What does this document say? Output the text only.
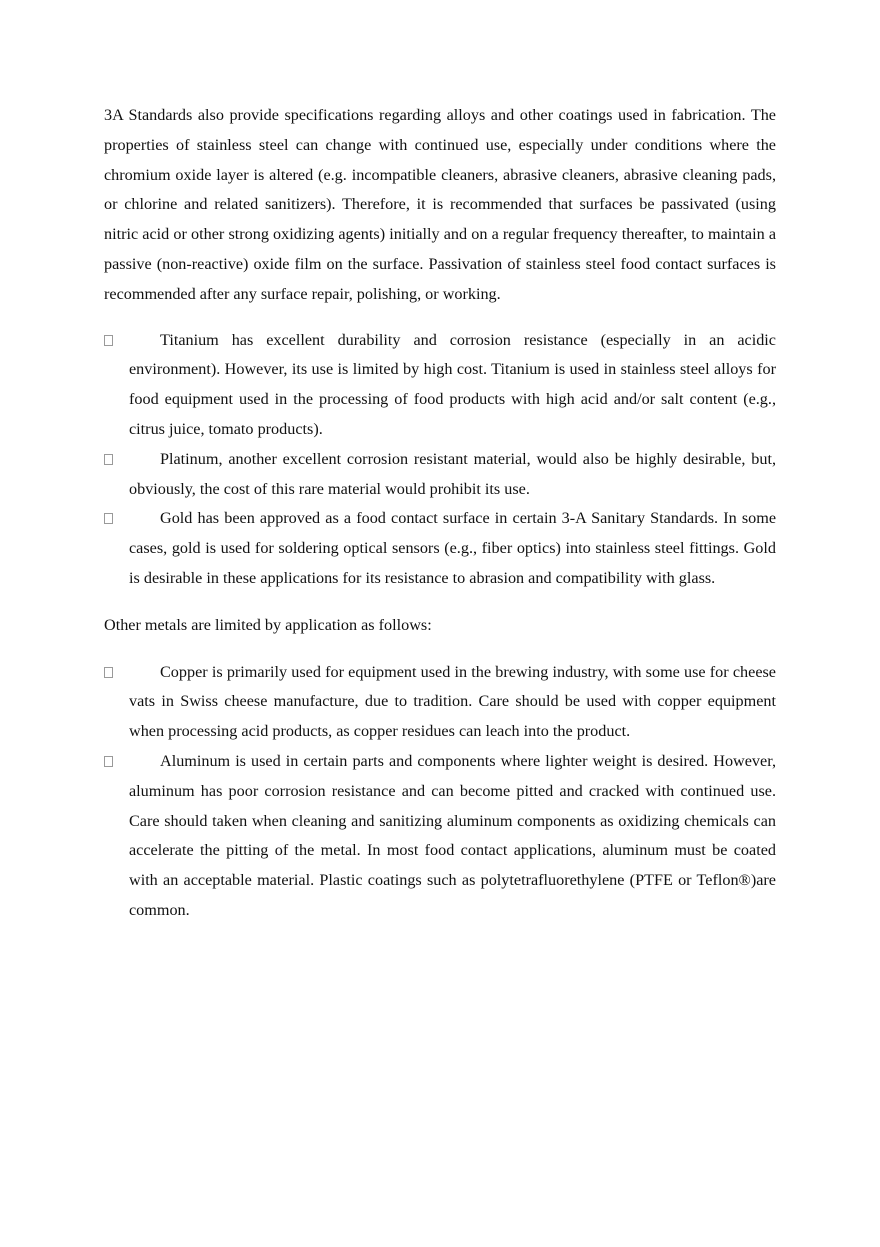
3A Standards also provide specifications regarding alloys and other coatings used in fabrication. The properties of stainless steel can change with continued use, especially under conditions where the chromium oxide layer is altered (e.g. incompatible cleaners, abrasive cleaners, abrasive cleaning pads, or chlorine and related sanitizers). Therefore, it is recommended that surfaces be passivated (using nitric acid or other strong oxidizing agents) initially and on a regular frequency thereafter, to maintain a passive (non-reactive) oxide film on the surface. Passivation of stainless steel food contact surfaces is recommended after any surface repair, polishing, or working.

Titanium has excellent durability and corrosion resistance (especially in an acidic environment). However, its use is limited by high cost. Titanium is used in stainless steel alloys for food equipment used in the processing of food products with high acid and/or salt content (e.g., citrus juice, tomato products).
Platinum, another excellent corrosion resistant material, would also be highly desirable, but, obviously, the cost of this rare material would prohibit its use.
Gold has been approved as a food contact surface in certain 3-A Sanitary Standards. In some cases, gold is used for soldering optical sensors (e.g., fiber optics) into stainless steel fittings. Gold is desirable in these applications for its resistance to abrasion and compatibility with glass.

Other metals are limited by application as follows:

Copper is primarily used for equipment used in the brewing industry, with some use for cheese vats in Swiss cheese manufacture, due to tradition. Care should be used with copper equipment when processing acid products, as copper residues can leach into the product.
Aluminum is used in certain parts and components where lighter weight is desired. However, aluminum has poor corrosion resistance and can become pitted and cracked with continued use. Care should taken when cleaning and sanitizing aluminum components as oxidizing chemicals can accelerate the pitting of the metal. In most food contact applications, aluminum must be coated with an acceptable material. Plastic coatings such as polytetrafluorethylene (PTFE or Teflon®)are common.
